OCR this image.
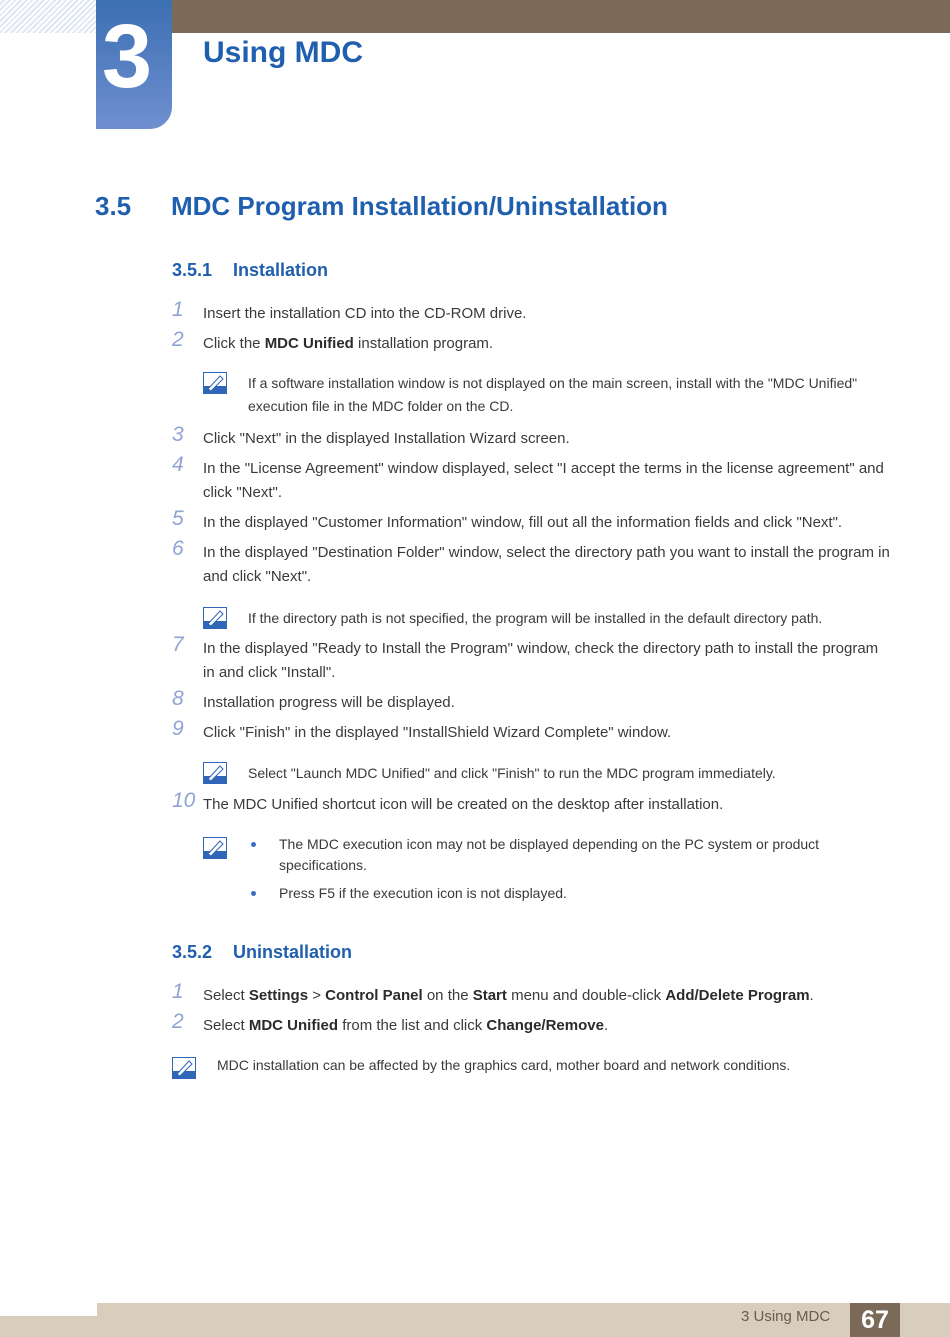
3 Using MDC
3.5 MDC Program Installation/Uninstallation
3.5.1 Installation
1	Insert the installation CD into the CD-ROM drive.
2	Click the MDC Unified installation program.
If a software installation window is not displayed on the main screen, install with the "MDC Unified" execution file in the MDC folder on the CD.
3	Click "Next" in the displayed Installation Wizard screen.
4	In the "License Agreement" window displayed, select "I accept the terms in the license agreement" and click "Next".
5	In the displayed "Customer Information" window, fill out all the information fields and click "Next".
6	In the displayed "Destination Folder" window, select the directory path you want to install the program in and click "Next".
If the directory path is not specified, the program will be installed in the default directory path.
7	In the displayed "Ready to Install the Program" window, check the directory path to install the program in and click "Install".
8	Installation progress will be displayed.
9	Click "Finish" in the displayed "InstallShield Wizard Complete" window.
Select "Launch MDC Unified" and click "Finish" to run the MDC program immediately.
10 The MDC Unified shortcut icon will be created on the desktop after installation.
The MDC execution icon may not be displayed depending on the PC system or product specifications.
Press F5 if the execution icon is not displayed.
3.5.2 Uninstallation
1	Select Settings > Control Panel on the Start menu and double-click Add/Delete Program.
2	Select MDC Unified from the list and click Change/Remove.
MDC installation can be affected by the graphics card, mother board and network conditions.
3 Using MDC	67
